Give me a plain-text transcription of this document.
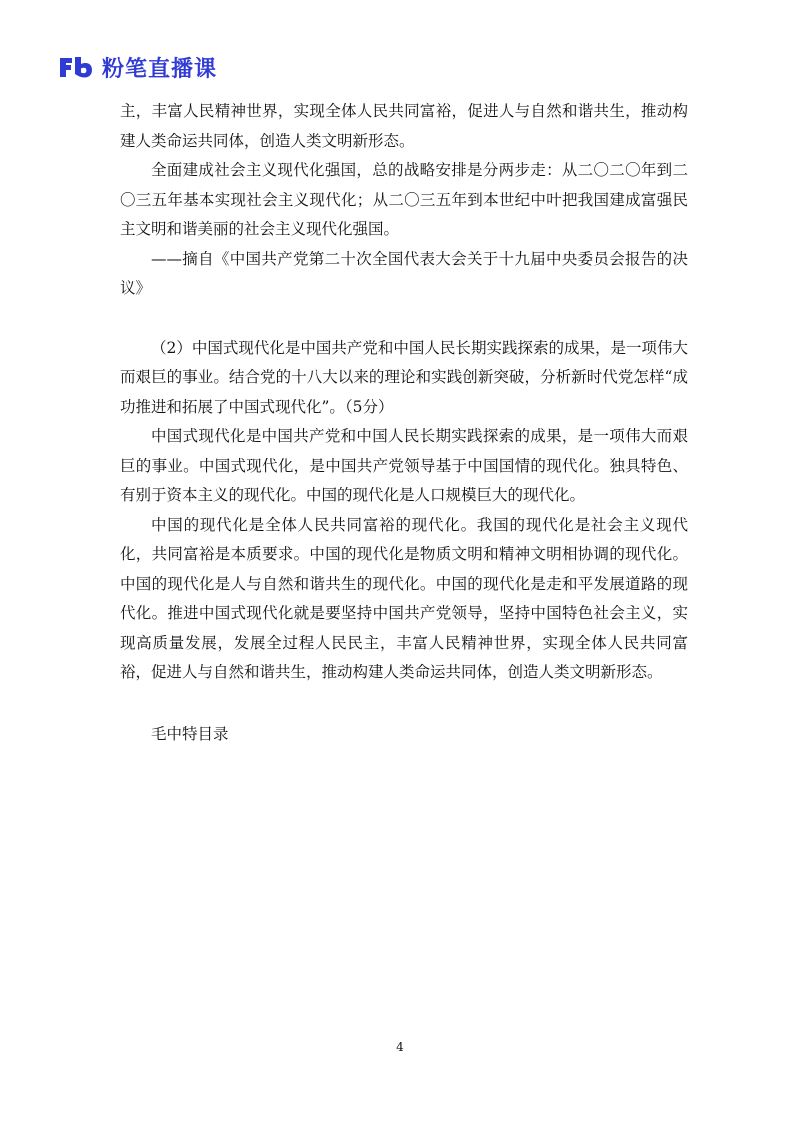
粉笔直播课

主，丰富人民精神世界，实现全体人民共同富裕，促进人与自然和谐共生，推动构建人类命运共同体，创造人类文明新形态。

全面建成社会主义现代化强国，总的战略安排是分两步走：从二〇二〇年到二〇三五年基本实现社会主义现代化；从二〇三五年到本世纪中叶把我国建成富强民主文明和谐美丽的社会主义现代化强国。

——摘自《中国共产党第二十次全国代表大会关于十九届中央委员会报告的决议》

（2）中国式现代化是中国共产党和中国人民长期实践探索的成果，是一项伟大而艰巨的事业。结合党的十八大以来的理论和实践创新突破，分析新时代党怎样“成功推进和拓展了中国式现代化”。（5分）

中国式现代化是中国共产党和中国人民长期实践探索的成果，是一项伟大而艰巨的事业。中国式现代化，是中国共产党领导基于中国国情的现代化。独具特色、有别于资本主义的现代化。中国的现代化是人口规模巨大的现代化。

中国的现代化是全体人民共同富裕的现代化。我国的现代化是社会主义现代化，共同富裕是本质要求。中国的现代化是物质文明和精神文明相协调的现代化。中国的现代化是人与自然和谐共生的现代化。中国的现代化是走和平发展道路的现代化。推进中国式现代化就是要坚持中国共产党领导，坚持中国特色社会主义，实现高质量发展，发展全过程人民民主，丰富人民精神世界，实现全体人民共同富裕，促进人与自然和谐共生，推动构建人类命运共同体，创造人类文明新形态。

毛中特目录

4
